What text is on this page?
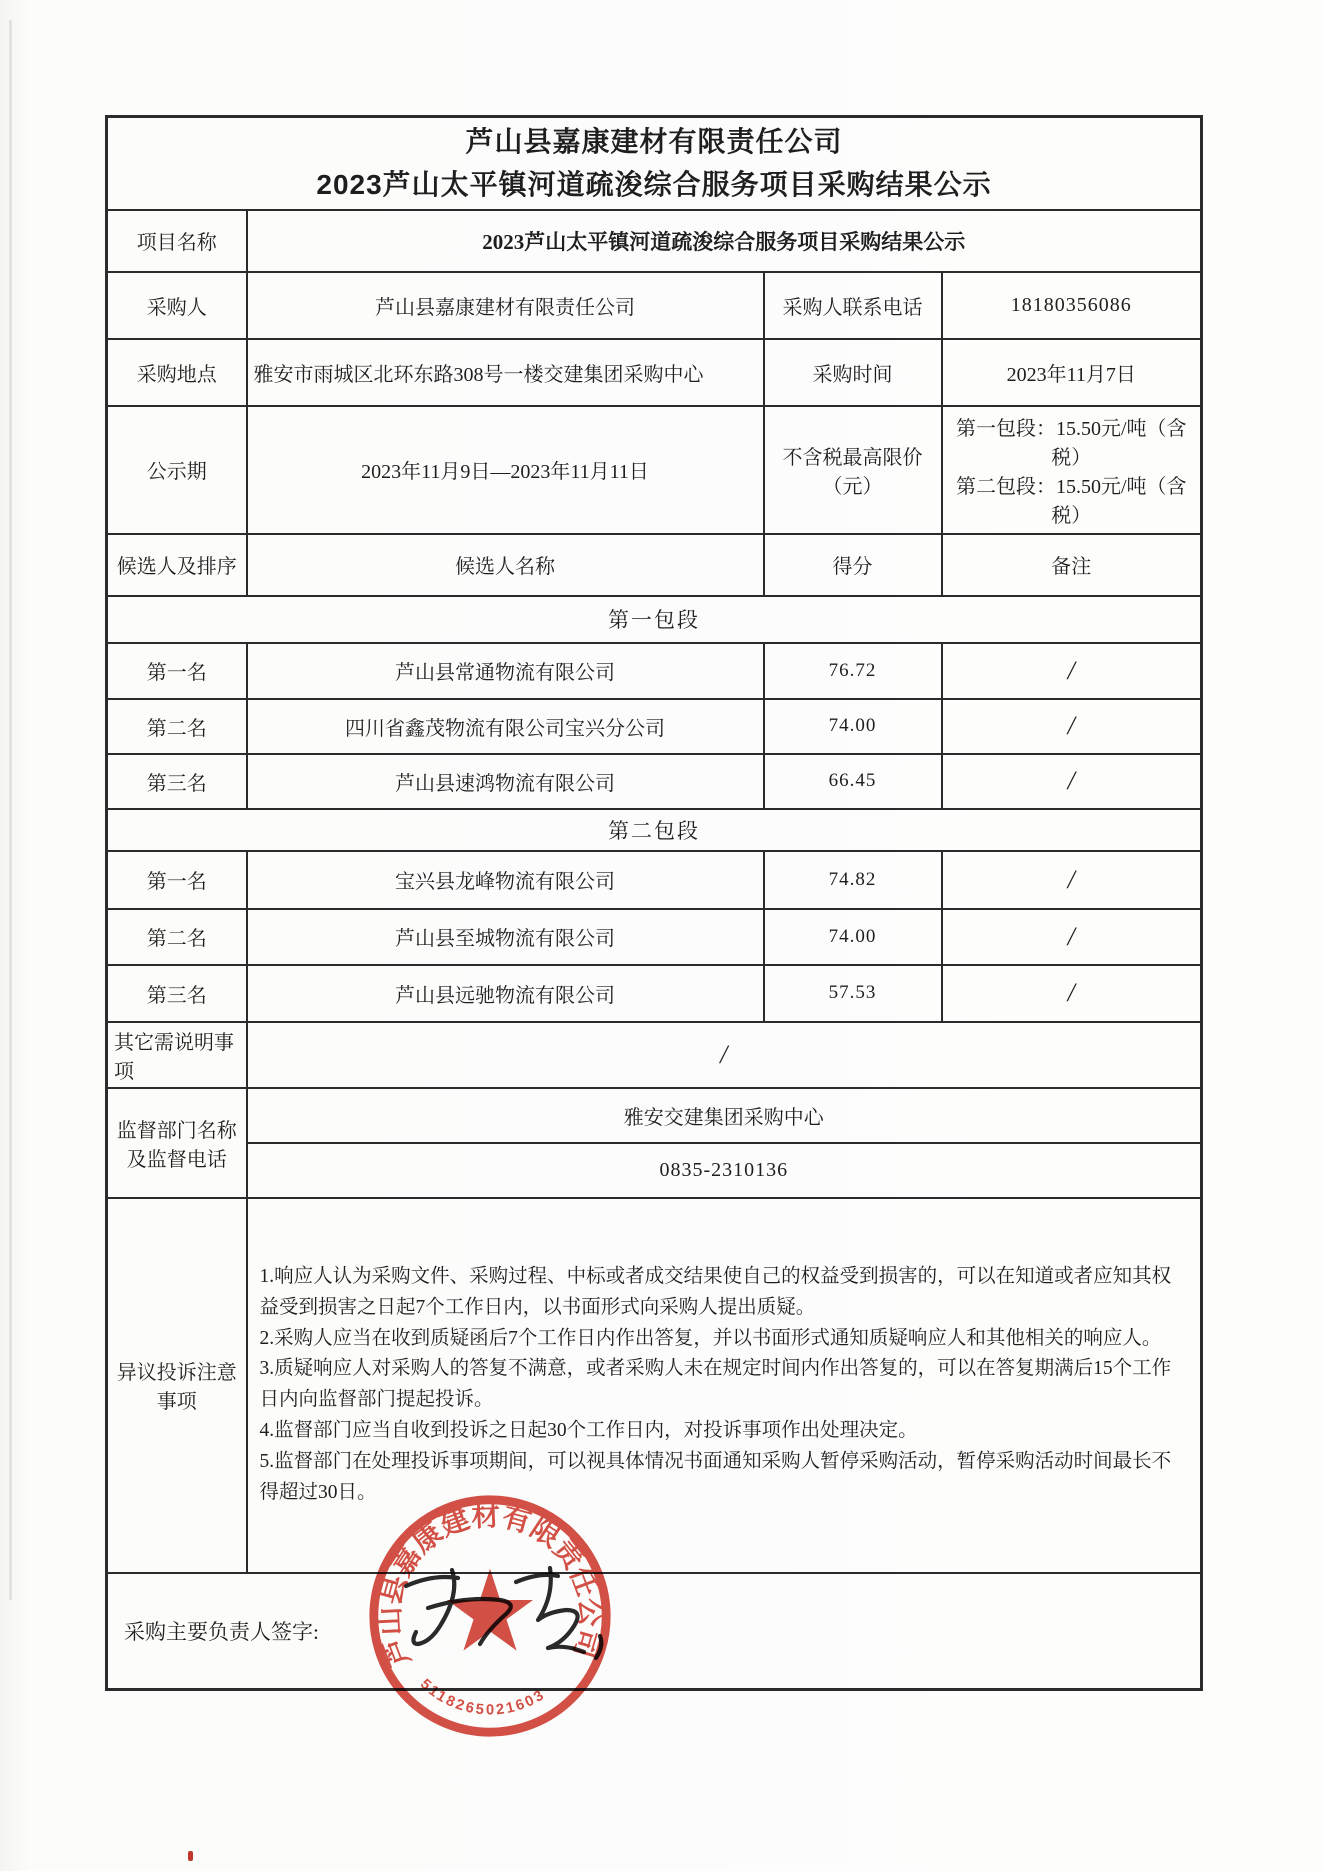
芦山县嘉康建材有限责任公司
2023芦山太平镇河道疏浚综合服务项目采购结果公示			

项目名称	2023芦山太平镇河道疏浚综合服务项目采购结果公示		
采购人	芦山县嘉康建材有限责任公司	采购人联系电话	18180356086
采购地点	雅安市雨城区北环东路308号一楼交建集团采购中心	采购时间	2023年11月7日
公示期	2023年11月9日—2023年11月11日	不含税最高限价（元）	第一包段：15.50元/吨（含税）
第二包段：15.50元/吨（含税）

候选人及排序	候选人名称	得分	备注
第一包段			
第一名	芦山县常通物流有限公司	76.72	/
第二名	四川省鑫茂物流有限公司宝兴分公司	74.00	/
第三名	芦山县速鸿物流有限公司	66.45	/
第二包段			
第一名	宝兴县龙峰物流有限公司	74.82	/
第二名	芦山县至城物流有限公司	74.00	/
第三名	芦山县远驰物流有限公司	57.53	/
其它需说明事项	/		
监督部门名称及监督电话	雅安交建集团采购中心		
	0835-2310136		
异议投诉注意事项	1.响应人认为采购文件、采购过程、中标或者成交结果使自己的权益受到损害的，可以在知道或者应知其权益受到损害之日起7个工作日内，以书面形式向采购人提出质疑。
2.采购人应当在收到质疑函后7个工作日内作出答复，并以书面形式通知质疑响应人和其他相关的响应人。
3.质疑响应人对采购人的答复不满意，或者采购人未在规定时间内作出答复的，可以在答复期满后15个工作日内向监督部门提起投诉。
4.监督部门应当自收到投诉之日起30个工作日内，对投诉事项作出处理决定。
5.监督部门在处理投诉事项期间，可以视具体情况书面通知采购人暂停采购活动，暂停采购活动时间最长不得超过30日。		

采购主要负责人签字:			
芦山县嘉康建材有限责任公司
5118265021603
